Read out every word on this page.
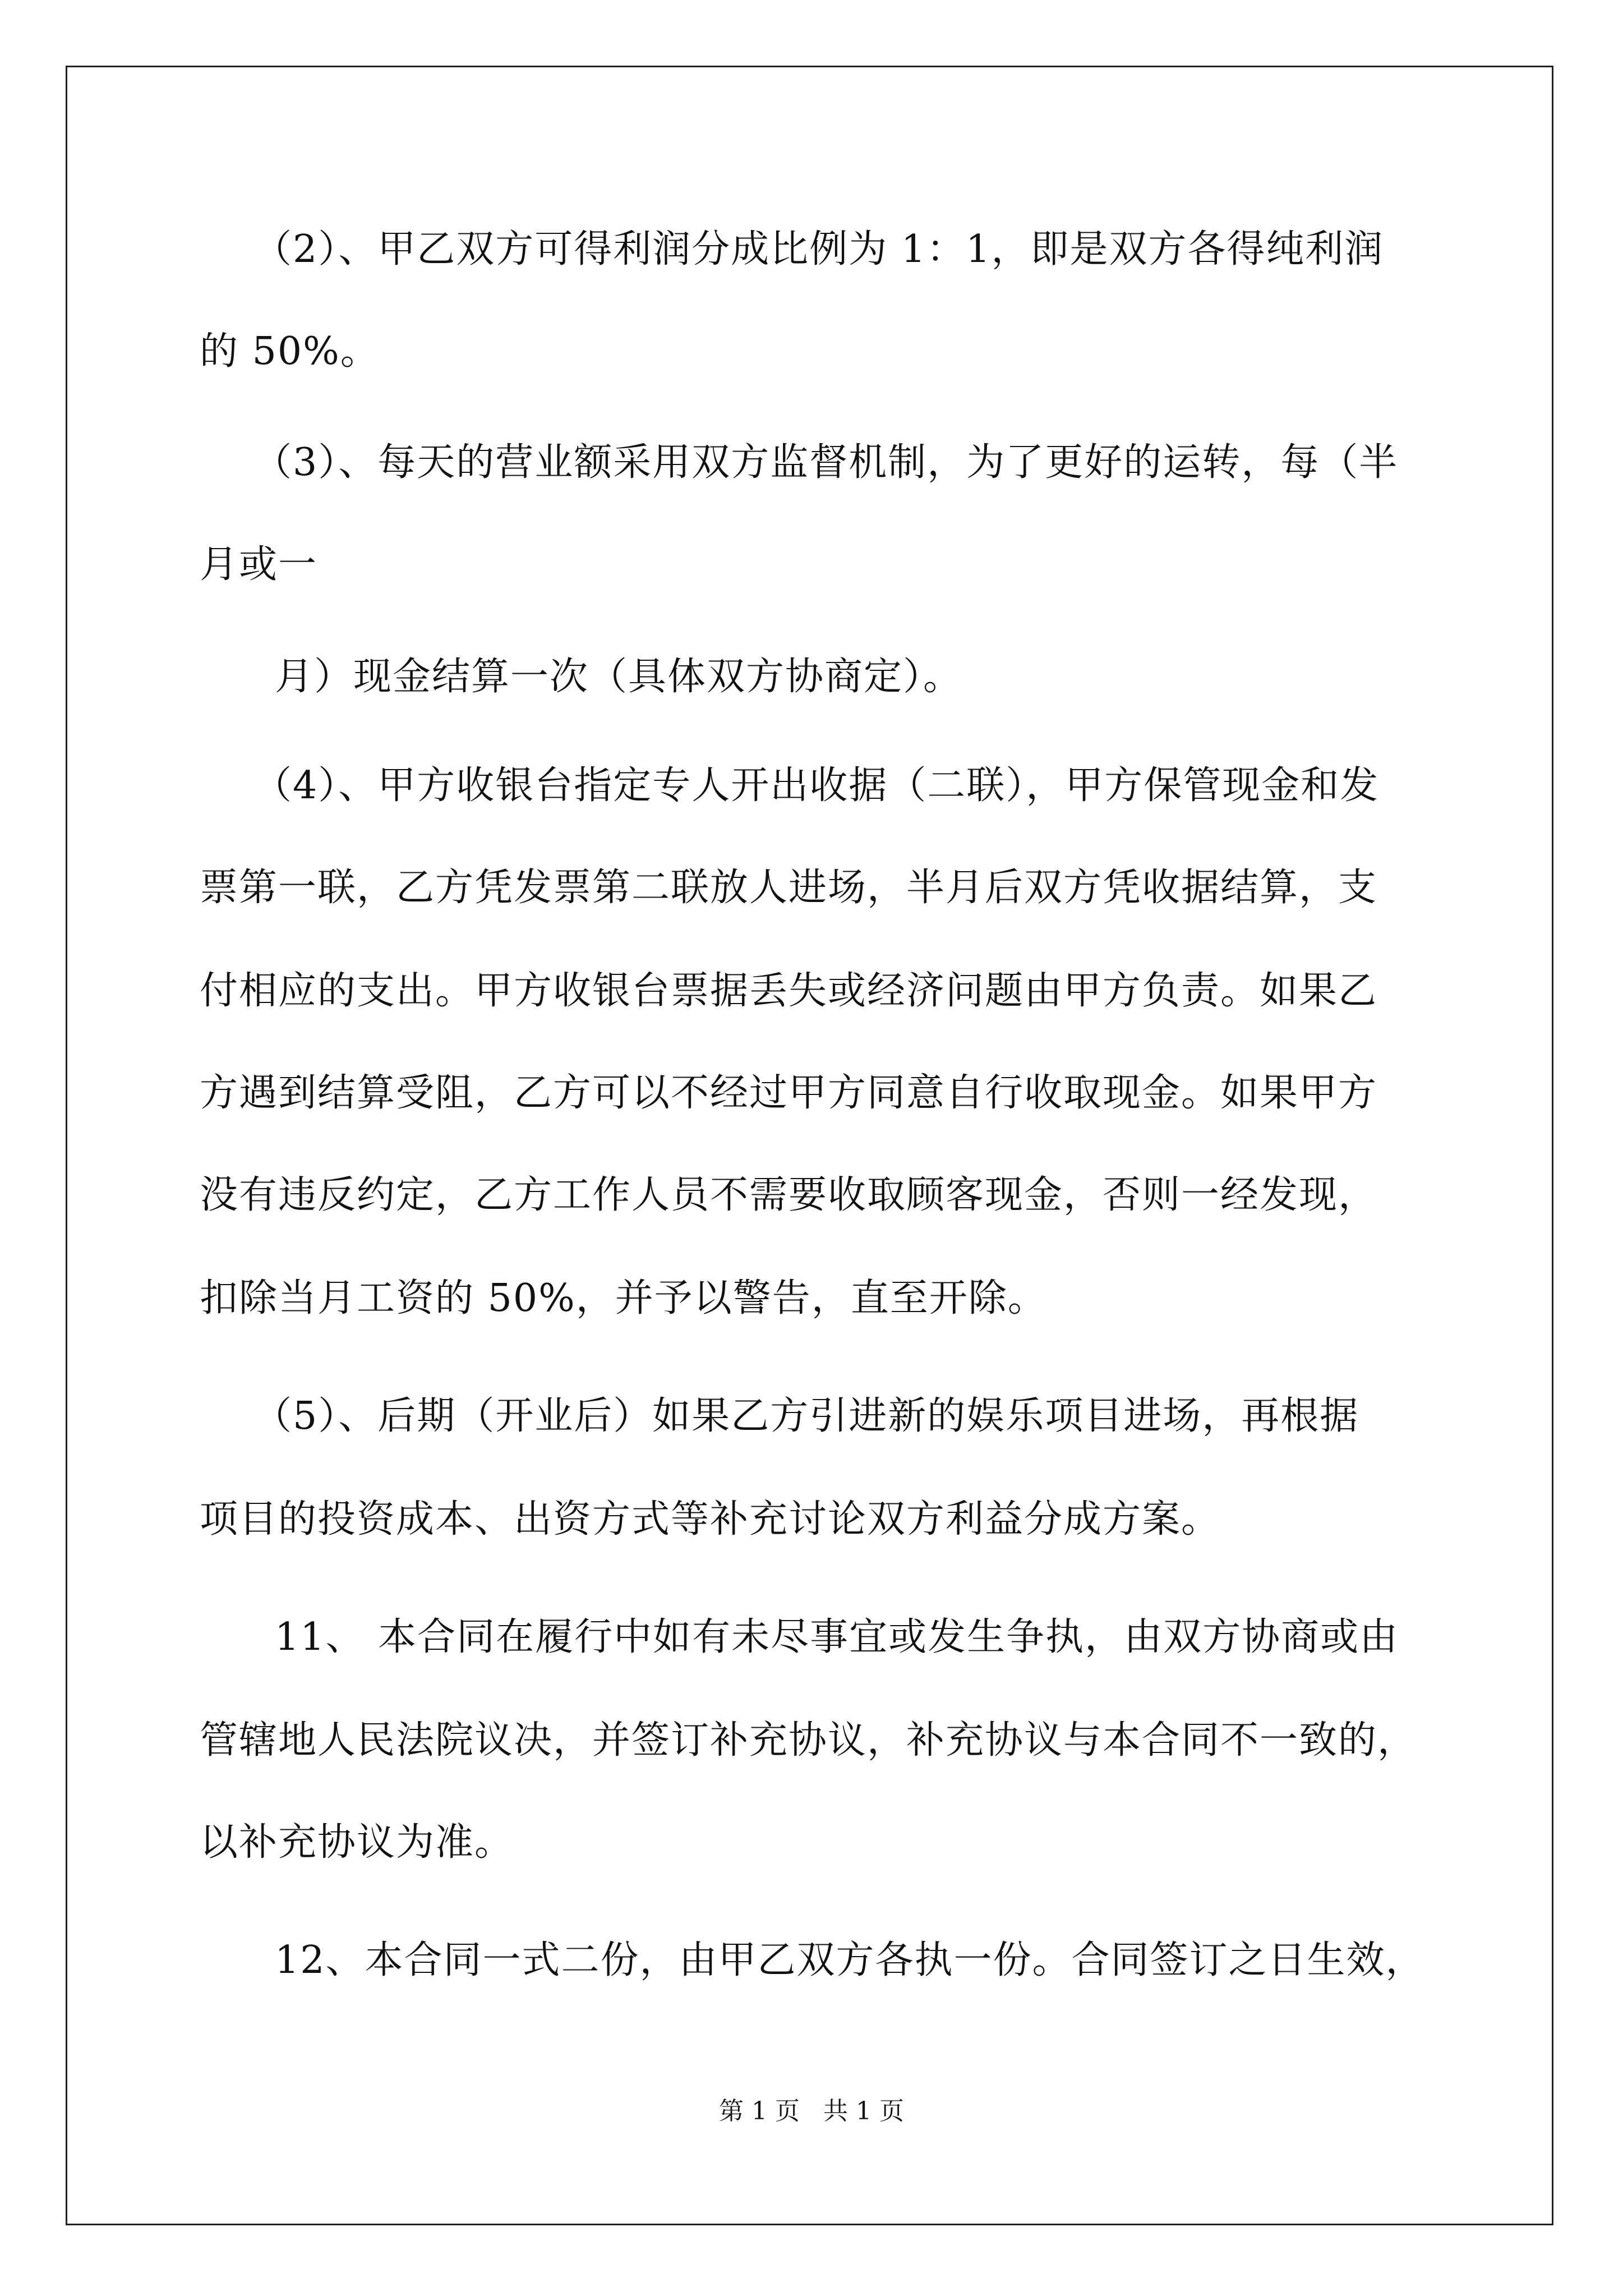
（2）、甲乙双方可得利润分成比例为 1：1，即是双方各得纯利润
的 50%。
（3）、每天的营业额采用双方监督机制，为了更好的运转，每（半
月或一
月）现金结算一次（具体双方协商定）。
（4）、甲方收银台指定专人开出收据（二联），甲方保管现金和发
票第一联，乙方凭发票第二联放人进场，半月后双方凭收据结算，支
付相应的支出。甲方收银台票据丢失或经济问题由甲方负责。如果乙
方遇到结算受阻，乙方可以不经过甲方同意自行收取现金。如果甲方
没有违反约定，乙方工作人员不需要收取顾客现金，否则一经发现，
扣除当月工资的 50%，并予以警告，直至开除。
（5）、后期（开业后）如果乙方引进新的娱乐项目进场，再根据
项目的投资成本、出资方式等补充讨论双方利益分成方案。
11、 本合同在履行中如有未尽事宜或发生争执，由双方协商或由
管辖地人民法院议决，并签订补充协议，补充协议与本合同不一致的，
以补充协议为准。
12、本合同一式二份，由甲乙双方各执一份。合同签订之日生效，
第 1 页   共 1 页
